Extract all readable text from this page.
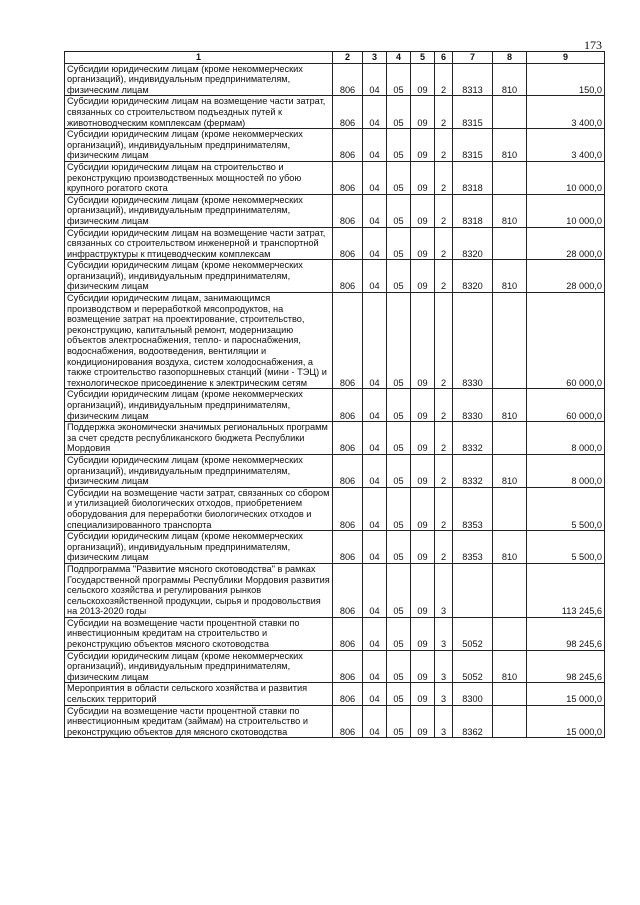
173
1	2	3	4	5	6	7	8	9
Субсидии юридическим лицам (кроме некоммерческих организаций), индивидуальным предпринимателям, физическим лицам	806	04	05	09	2	8313	810	150,0
Субсидии юридическим лицам на возмещение части затрат, связанных со строительством подъездных путей к животноводческим комплексам (фермам)	806	04	05	09	2	8315		3 400,0
Субсидии юридическим лицам (кроме некоммерческих организаций), индивидуальным предпринимателям, физическим лицам	806	04	05	09	2	8315	810	3 400,0
Субсидии юридическим лицам на строительство и реконструкцию производственных мощностей по убою крупного рогатого скота	806	04	05	09	2	8318		10 000,0
Субсидии юридическим лицам (кроме некоммерческих организаций), индивидуальным предпринимателям, физическим лицам	806	04	05	09	2	8318	810	10 000,0
Субсидии юридическим лицам на возмещение части затрат, связанных со строительством инженерной и транспортной инфраструктуры к птицеводческим комплексам	806	04	05	09	2	8320		28 000,0
Субсидии юридическим лицам (кроме некоммерческих организаций), индивидуальным предпринимателям, физическим лицам	806	04	05	09	2	8320	810	28 000,0
Субсидии юридическим лицам, занимающимся производством и переработкой мясопродуктов, на возмещение затрат на проектирование, строительство, реконструкцию, капитальный ремонт, модернизацию объектов электроснабжения, тепло- и пароснабжения, водоснабжения, водоотведения, вентиляции и кондиционирования воздуха, систем холодоснабжения, а также строительство газопоршневых станций (мини - ТЭЦ) и технологическое присоединение к электрическим сетям	806	04	05	09	2	8330		60 000,0
Субсидии юридическим лицам (кроме некоммерческих организаций), индивидуальным предпринимателям, физическим лицам	806	04	05	09	2	8330	810	60 000,0
Поддержка экономически значимых региональных программ за счет средств республиканского бюджета Республики Мордовия	806	04	05	09	2	8332		8 000,0
Субсидии юридическим лицам (кроме некоммерческих организаций), индивидуальным предпринимателям, физическим лицам	806	04	05	09	2	8332	810	8 000,0
Субсидии на возмещение части затрат, связанных со сбором и утилизацией биологических отходов, приобретением оборудования для переработки биологических отходов и специализированного транспорта	806	04	05	09	2	8353		5 500,0
Субсидии юридическим лицам (кроме некоммерческих организаций), индивидуальным предпринимателям, физическим лицам	806	04	05	09	2	8353	810	5 500,0
Подпрограмма "Развитие мясного скотоводства" в рамках Государственной программы Республики Мордовия развития сельского хозяйства и регулирования рынков сельскохозяйственной продукции, сырья и продовольствия на 2013-2020 годы	806	04	05	09	3			113 245,6
Субсидии на возмещение части процентной ставки по инвестиционным кредитам на строительство и реконструкцию объектов мясного скотоводства	806	04	05	09	3	5052		98 245,6
Субсидии юридическим лицам (кроме некоммерческих организаций), индивидуальным предпринимателям, физическим лицам	806	04	05	09	3	5052	810	98 245,6
Мероприятия в области сельского хозяйства и развития сельских территорий	806	04	05	09	3	8300		15 000,0
Субсидии на возмещение части процентной ставки по инвестиционным кредитам (займам) на строительство и реконструкцию объектов для мясного скотоводства	806	04	05	09	3	8362		15 000,0
